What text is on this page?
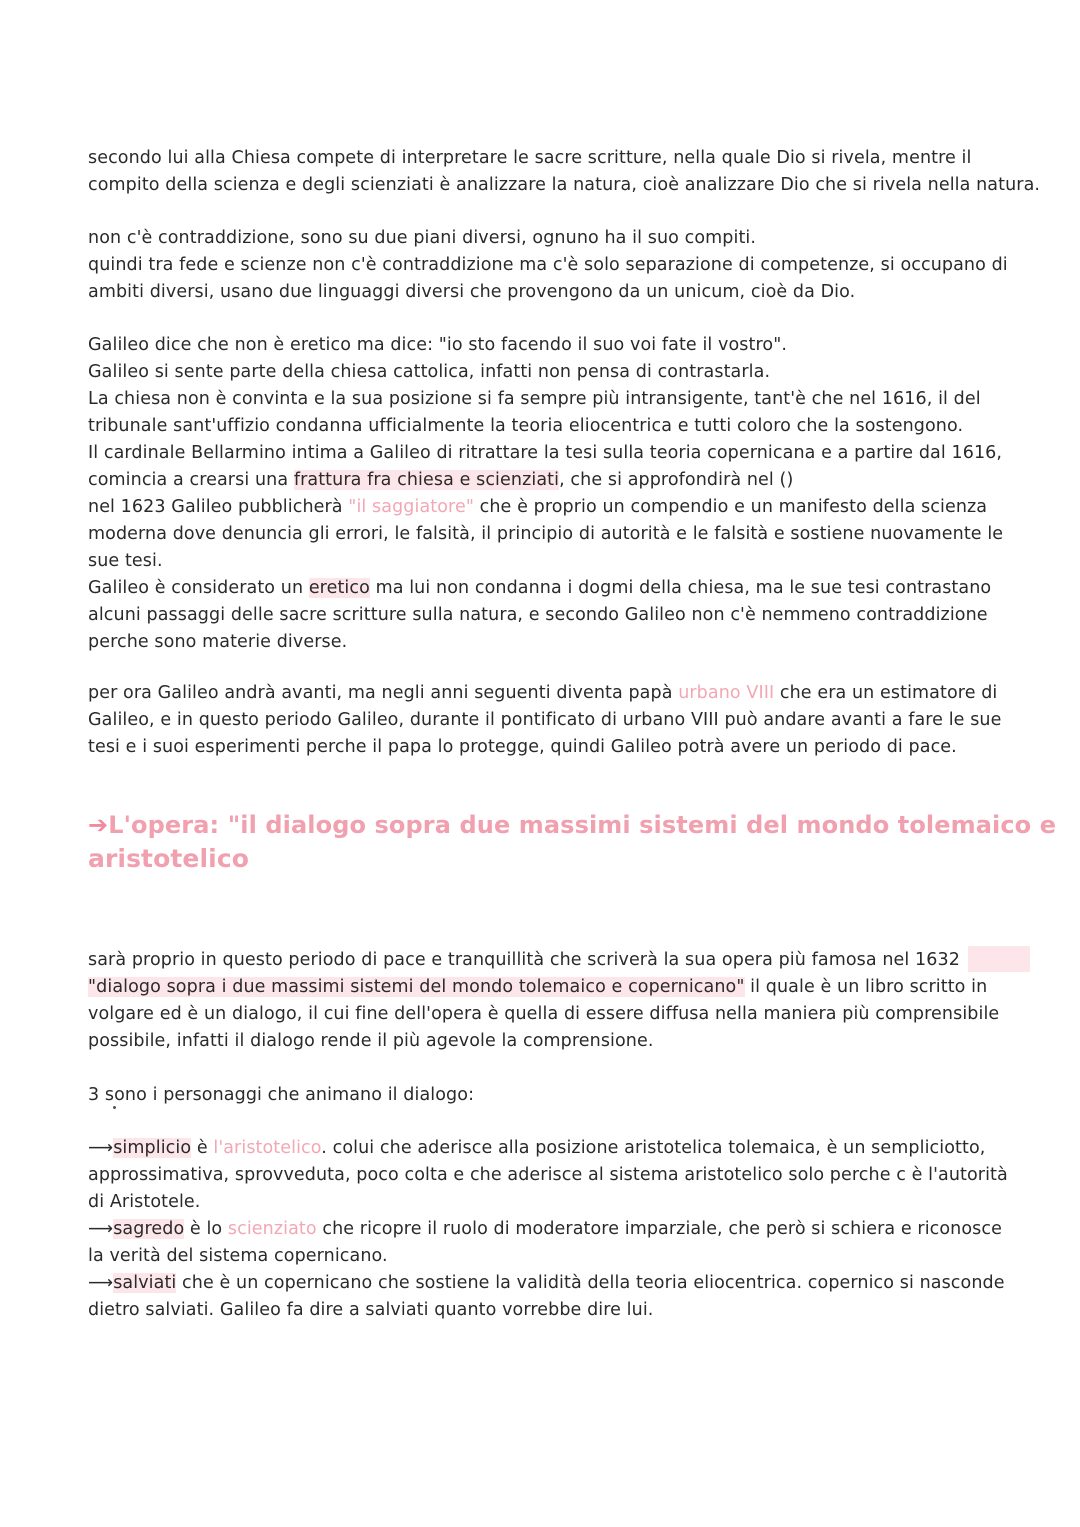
secondo lui alla Chiesa compete di interpretare le sacre scritture, nella quale Dio si rivela, mentre il
compito della scienza e degli scienziati è analizzare la natura, cioè analizzare Dio che si rivela nella natura.

non c'è contraddizione, sono su due piani diversi, ognuno ha il suo compiti.
quindi tra fede e scienze non c'è contraddizione ma c'è solo separazione di competenze, si occupano di
ambiti diversi, usano due linguaggi diversi che provengono da un unicum, cioè da Dio.

Galileo dice che non è eretico ma dice: "io sto facendo il suo voi fate il vostro".
Galileo si sente parte della chiesa cattolica, infatti non pensa di contrastarla.
La chiesa non è convinta e la sua posizione si fa sempre più intransigente, tant'è che nel 1616, il del
tribunale sant'uffizio condanna ufficialmente la teoria eliocentrica e tutti coloro che la sostengono.
Il cardinale Bellarmino intima a Galileo di ritrattare la tesi sulla teoria copernicana e a partire dal 1616,
comincia a crearsi una frattura fra chiesa e scienziati, che si approfondirà nel ()
nel 1623 Galileo pubblicherà "il saggiatore" che è proprio un compendio e un manifesto della scienza
moderna dove denuncia gli errori, le falsità, il principio di autorità e le falsità e sostiene nuovamente le
sue tesi.
Galileo è considerato un eretico ma lui non condanna i dogmi della chiesa, ma le sue tesi contrastano
alcuni passaggi delle sacre scritture sulla natura, e secondo Galileo non c'è nemmeno contraddizione
perche sono materie diverse.

per ora Galileo andrà avanti, ma negli anni seguenti diventa papà urbano VIII che era un estimatore di
Galileo, e in questo periodo Galileo, durante il pontificato di urbano VIII può andare avanti a fare le sue
tesi e i suoi esperimenti perche il papa lo protegge, quindi Galileo potrà avere un periodo di pace.

➔L'opera: "il dialogo sopra due massimi sistemi del mondo tolemaico e
aristotelico

sarà proprio in questo periodo di pace e tranquillità che scriverà la sua opera più famosa nel 1632
"dialogo sopra i due massimi sistemi del mondo tolemaico e copernicano" il quale è un libro scritto in
volgare ed è un dialogo, il cui fine dell'opera è quella di essere diffusa nella maniera più comprensibile
possibile, infatti il dialogo rende il più agevole la comprensione.

3 sono i personaggi che animano il dialogo:

⟶simplicio è l'aristotelico. colui che aderisce alla posizione aristotelica tolemaica, è un sempliciotto,
approssimativa, sprovveduta, poco colta e che aderisce al sistema aristotelico solo perche c è l'autorità
di Aristotele.
⟶sagredo è lo scienziato che ricopre il ruolo di moderatore imparziale, che però si schiera e riconosce
la verità del sistema copernicano.
⟶salviati che è un copernicano che sostiene la validità della teoria eliocentrica. copernico si nasconde
dietro salviati. Galileo fa dire a salviati quanto vorrebbe dire lui.
